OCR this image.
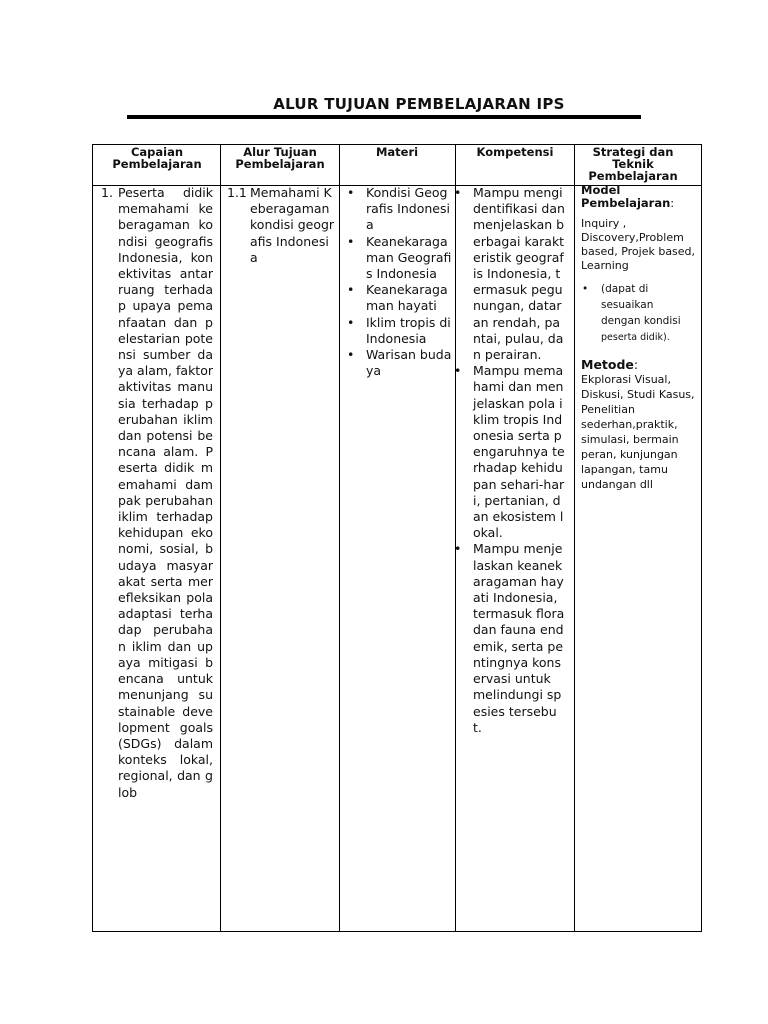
ALUR TUJUAN PEMBELAJARAN IPS
Capaian Pembelajaran
Alur Tujuan Pembelajaran
Materi	Kompetensi	Strategi dan Teknik Pembelajaran
1. Peserta didik memahami keberagaman kondisi geografis Indonesia, konektivitas antarruang terhadap upaya pemanfaatan dan pelestarian potensi sumber daya alam, faktor aktivitas manusia terhadap perubahan iklim dan potensi bencana alam. Peserta didik memahami dampak perubahan iklim terhadap kehidupan ekonomi, sosial, budaya masyarakat serta merefleksikan pola adaptasi terhadap perubahan iklim dan upaya mitigasi bencana untuk menunjang sustainable development goals (SDGs) dalam konteks lokal, regional, dan glob
1.1 Memahami Keberagaman kondisi geografis Indonesia
• Kondisi Geografis Indonesia
• Keanekaragaman Geografis Indonesia
• Keanekaragaman hayati
• Iklim tropis di Indonesia
• Warisan budaya
• Mampu mengidentifikasi dan menjelaskan berbagai karakteristik geografis Indonesia, termasuk pegunungan, dataran rendah, pantai, pulau, dan perairan.
• Mampu memahami dan menjelaskan pola iklim tropis Indonesia serta pengaruhnya terhadap kehidupan sehari-hari, pertanian, dan ekosistem lokal.
• Mampu menjelaskan keanekaragaman hayati Indonesia, termasuk flora dan fauna endemik, serta pentingnya konservasi untuk melindungi spesies tersebut.
Model Pembelajaran:
Inquiry , Discovery,Problem based, Projek based, Learning
• (dapat di sesuaikan dengan kondisi peserta didik).
Metode:
Ekplorasi Visual, Diskusi, Studi Kasus, Penelitian sederhan,praktik, simulasi, bermain peran, kunjungan lapangan, tamu undangan dll
